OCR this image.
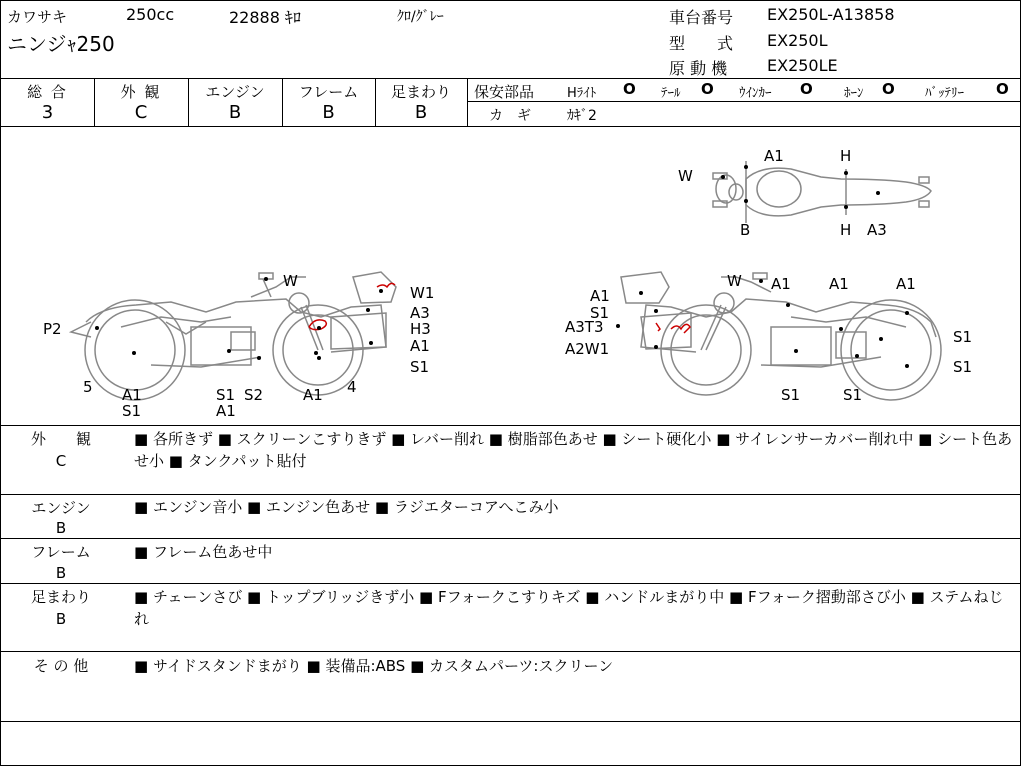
カワサキ	250cc	22888 ｷﾛ	ｸﾛ/ｸﾞﾚｰ
ニンジｬ250
車台番号 EX250L-A13858
型　　式 EX250L
原 動 機 EX250LE
総 合
3
外 観
C
エンジン
B
フレーム
B
足まわり
B
保安部品	Hﾗｲﾄ O ﾃｰﾙ O ｳｲﾝｶｰ O ﾎｰﾝ O ﾊﾞｯﾃﾘｰ O
カ　ギ	ｶｷﾞ2
W
A1	H
B	H A3
W
W1
A3
H3
A1
S1
P2
5 A1
S1
S1
A1
S2	A1 4
W A1	A1	A1
A1
S1
A3T3
A2W1
S1
S1
S1	S1
外　　観
C
■ 各所きず ■ スクリーンこすりきず ■ レバー削れ ■ 樹脂部色あせ ■ シート硬化小 ■ サイレンサーカバー削れ中 ■ シート色あせ小 ■ タンクパット貼付
エンジン
B
■ エンジン音小 ■ エンジン色あせ ■ ラジエターコアへこみ小
フレーム
B
■ フレーム色あせ中
足まわり
B
■ チェーンさび ■ トップブリッジきず小 ■ Fフォークこすりキズ ■ ハンドルまがり中 ■ Fフォーク摺動部さび小 ■ ステムねじれ
そ の 他	■ サイドスタンドまがり ■ 装備品:ABS ■ カスタムパーツ:スクリーン
